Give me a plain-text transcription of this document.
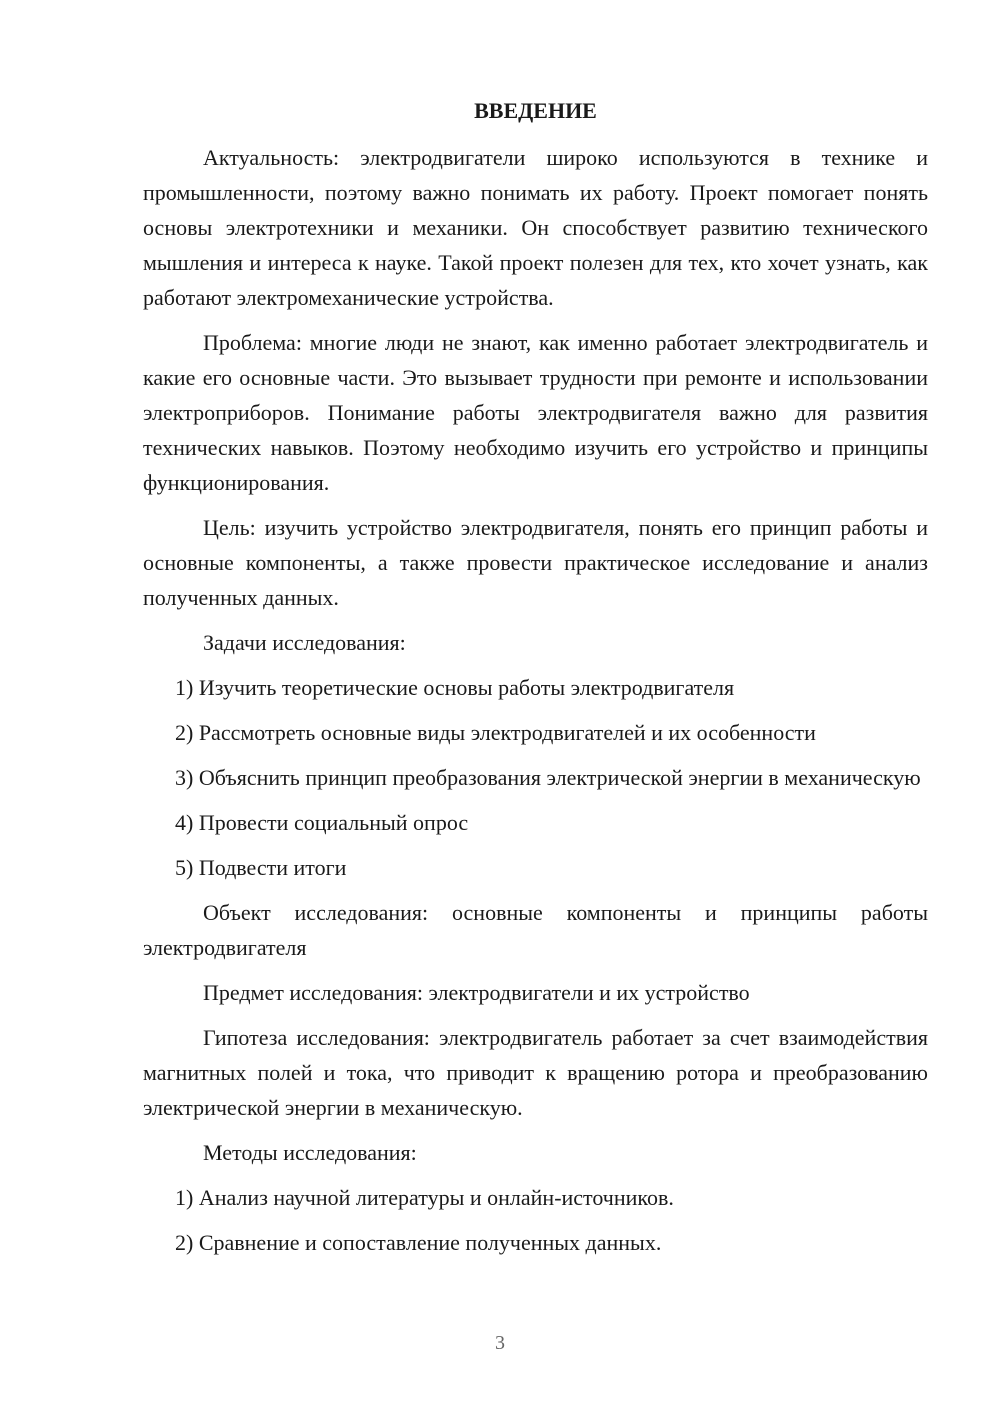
ВВЕДЕНИЕ

Актуальность: электродвигатели широко используются в технике и промышленности, поэтому важно понимать их работу. Проект помогает понять основы электротехники и механики. Он способствует развитию технического мышления и интереса к науке. Такой проект полезен для тех, кто хочет узнать, как работают электромеханические устройства.

Проблема: многие люди не знают, как именно работает электродвигатель и какие его основные части. Это вызывает трудности при ремонте и использовании электроприборов. Понимание работы электродвигателя важно для развития технических навыков. Поэтому необходимо изучить его устройство и принципы функционирования.

Цель: изучить устройство электродвигателя, понять его принцип работы и основные компоненты, а также провести практическое исследование и анализ полученных данных.

Задачи исследования:

1) Изучить теоретические основы работы электродвигателя

2) Рассмотреть основные виды электродвигателей и их особенности

3) Объяснить принцип преобразования электрической энергии в механическую

4) Провести социальный опрос

5) Подвести итоги

Объект исследования: основные компоненты и принципы работы электродвигателя

Предмет исследования: электродвигатели и их устройство

Гипотеза исследования: электродвигатель работает за счет взаимодействия магнитных полей и тока, что приводит к вращению ротора и преобразованию электрической энергии в механическую.

Методы исследования:

1) Анализ научной литературы и онлайн-источников.

2) Сравнение и сопоставление полученных данных.

3
